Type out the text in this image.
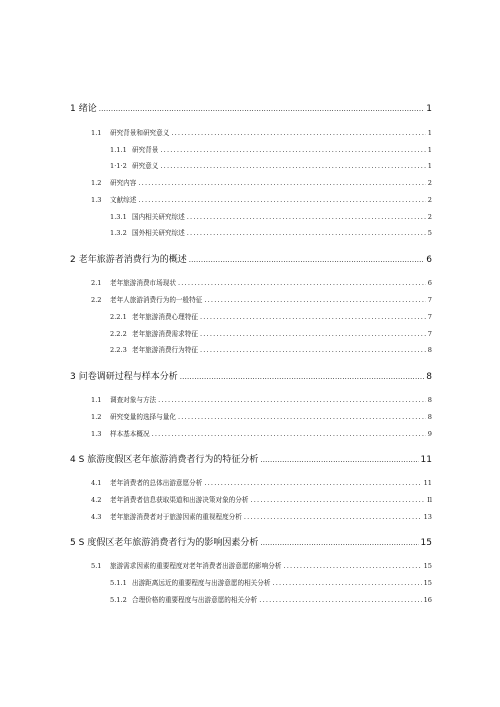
1 绪论 .....	1
1.1 研究背景和研究意义 .....	1
1.1.1 研究背景 .....	1
1·1·2 研究意义 .....	1
1.2 研究内容 .....	2
1.3 文献综述 .....	2
1.3.1 国内相关研究综述 .....	2
1.3.2 国外相关研究综述 .....	5
2 老年旅游者消费行为的概述 .....	6
2.1 老年旅游消费市场现状 .....	6
2.2 老年人旅游消费行为的一般特征 .....	7
2.2.1 老年旅游消费心理特征 .....	7
2.2.2 老年旅游消费需求特征 .....	7
2.2.3 老年旅游消费行为特征 .....	8
3 问卷调研过程与样本分析 .....	8
1.1 调查对象与方法 .....	8
1.2 研究变量的选择与量化 .....	8
1.3 样本基本概况 .....	9
4 S 旅游度假区老年旅游消费者行为的特征分析 .....	11
4.1 老年消费者的总体出游意愿分析 .....	11
4.2 老年消费者信息获取渠道和出游决策对象的分析 .....	Il
4.3 老年旅游消费者对于旅游因素的重视程度分析 .....	13
5 S 度假区老年旅游消费者行为的影响因素分析 .....	15
5.1 旅游需求因素的重要程度对老年消费者出游意愿的影响分析 .....	15
5.1.1 出游距离远近的重要程度与出游意愿的相关分析 .....	15
5.1.2 合理价格的重要程度与出游意愿的相关分析 .....	16
